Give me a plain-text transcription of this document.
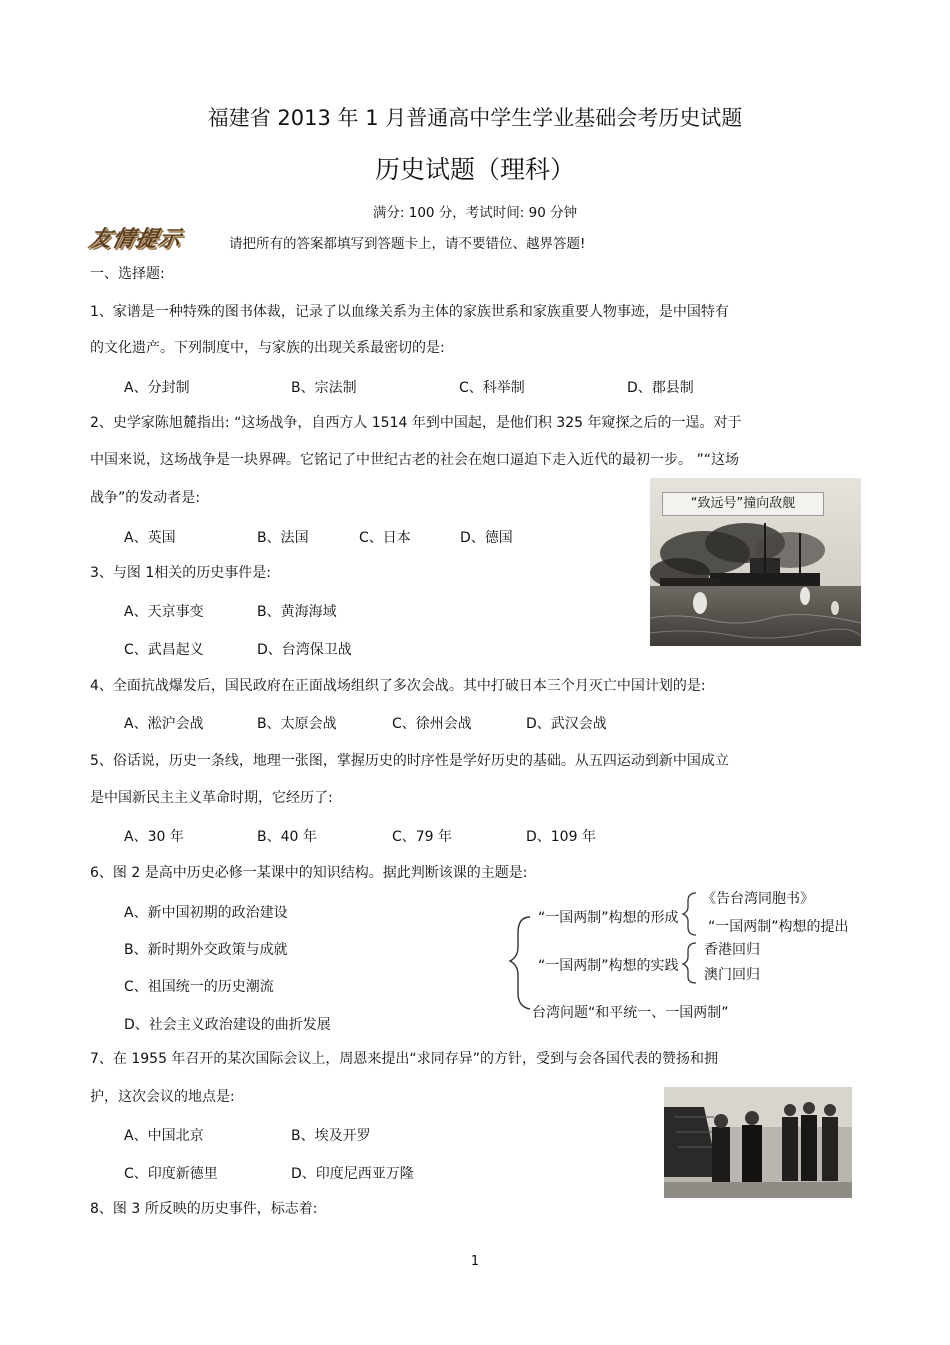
福建省 2013 年 1 月普通高中学生学业基础会考历史试题
历史试题（理科）
满分: 100 分，考试时间: 90 分钟
友情提示	请把所有的答案都填写到答题卡上，请不要错位、越界答题!
一、选择题:
1、家谱是一种特殊的图书体裁，记录了以血缘关系为主体的家族世系和家族重要人物事迹，是中国特有
的文化遗产。下列制度中，与家族的出现关系最密切的是:
A、分封制	B、宗法制	C、科举制	D、郡县制
2、史学家陈旭麓指出: “这场战争，自西方人 1514 年到中国起，是他们积 325 年窥探之后的一逞。对于
中国来说，这场战争是一块界碑。它铭记了中世纪古老的社会在炮口逼迫下走入近代的最初一步。 ”“这场
战争”的发动者是:
A、英国	B、法国	C、日本	D、德国
“致远号”撞向敌舰
3、与图 1相关的历史事件是:
A、天京事变	B、黄海海域
C、武昌起义	D、台湾保卫战
4、全面抗战爆发后，国民政府在正面战场组织了多次会战。其中打破日本三个月灭亡中国计划的是:
A、淞沪会战	B、太原会战	C、徐州会战	D、武汉会战
5、俗话说，历史一条线，地理一张图，掌握历史的时序性是学好历史的基础。从五四运动到新中国成立
是中国新民主主义革命时期，它经历了:
A、30 年	B、40 年	C、79 年	D、109 年
6、图 2 是高中历史必修一某课中的知识结构。据此判断该课的主题是:
A、新中国初期的政治建设
B、新时期外交政策与成就
C、祖国统一的历史潮流
D、社会主义政治建设的曲折发展
“一国两制”构想的形成
《告台湾同胞书》
“一国两制”构想的提出
“一国两制”构想的实践
香港回归
澳门回归
台湾问题“和平统一、一国两制”
7、在 1955 年召开的某次国际会议上，周恩来提出“求同存异”的方针，受到与会各国代表的赞扬和拥
护，这次会议的地点是:
A、中国北京	B、埃及开罗
C、印度新德里	D、印度尼西亚万隆
8、图 3 所反映的历史事件，标志着:
1
